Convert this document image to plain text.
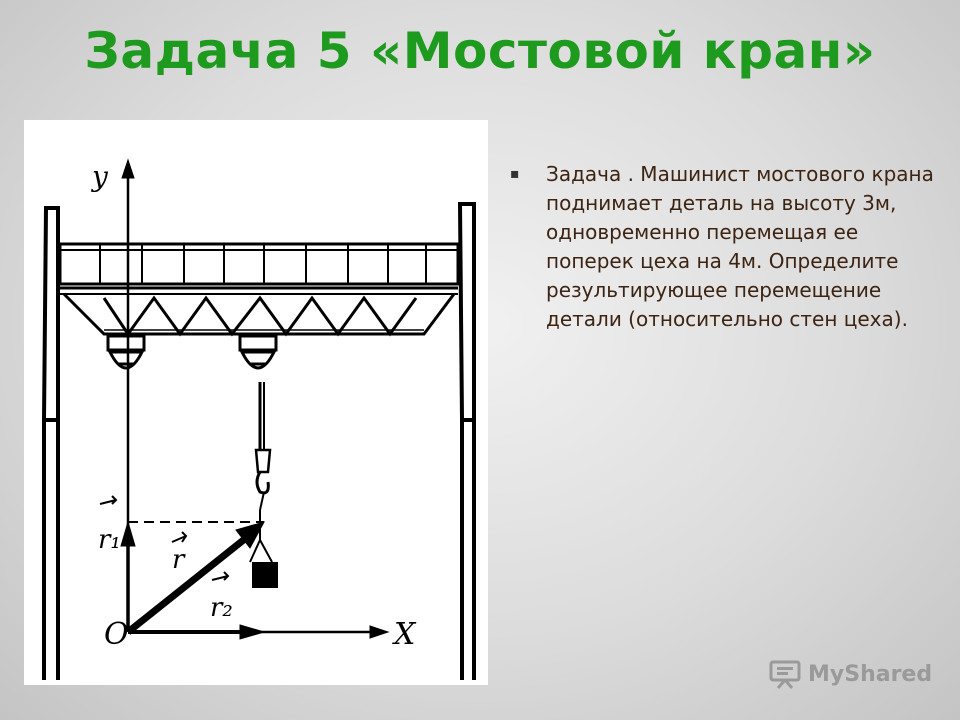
Задача 5 «Мостовой кран»
y
X
O
r₁
r₂
r
▪ Задача . Машинист мостового крана поднимает деталь на высоту 3м, одновременно перемещая ее поперек цеха на 4м. Определите результирующее перемещение детали (относительно стен цеха).
MyShared
